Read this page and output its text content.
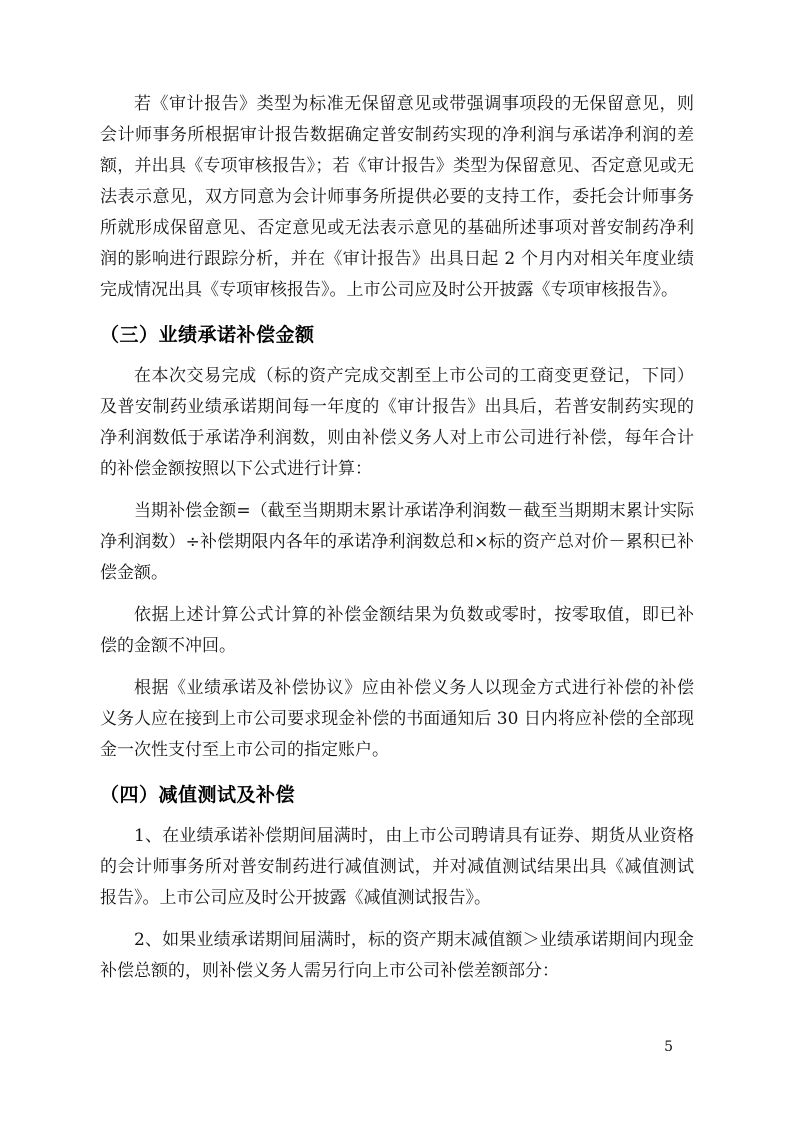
若《审计报告》类型为标准无保留意见或带强调事项段的无保留意见，则会计师事务所根据审计报告数据确定普安制药实现的净利润与承诺净利润的差额，并出具《专项审核报告》；若《审计报告》类型为保留意见、否定意见或无法表示意见，双方同意为会计师事务所提供必要的支持工作，委托会计师事务所就形成保留意见、否定意见或无法表示意见的基础所述事项对普安制药净利润的影响进行跟踪分析，并在《审计报告》出具日起 2 个月内对相关年度业绩完成情况出具《专项审核报告》。上市公司应及时公开披露《专项审核报告》。

（三）业绩承诺补偿金额

在本次交易完成（标的资产完成交割至上市公司的工商变更登记，下同）及普安制药业绩承诺期间每一年度的《审计报告》出具后，若普安制药实现的净利润数低于承诺净利润数，则由补偿义务人对上市公司进行补偿，每年合计的补偿金额按照以下公式进行计算：

当期补偿金额=（截至当期期末累计承诺净利润数－截至当期期末累计实际净利润数）÷补偿期限内各年的承诺净利润数总和×标的资产总对价－累积已补偿金额。

依据上述计算公式计算的补偿金额结果为负数或零时，按零取值，即已补偿的金额不冲回。

根据《业绩承诺及补偿协议》应由补偿义务人以现金方式进行补偿的补偿义务人应在接到上市公司要求现金补偿的书面通知后 30 日内将应补偿的全部现金一次性支付至上市公司的指定账户。

（四）减值测试及补偿

1、在业绩承诺补偿期间届满时，由上市公司聘请具有证券、期货从业资格的会计师事务所对普安制药进行减值测试，并对减值测试结果出具《减值测试报告》。上市公司应及时公开披露《减值测试报告》。

2、如果业绩承诺期间届满时，标的资产期末减值额＞业绩承诺期间内现金补偿总额的，则补偿义务人需另行向上市公司补偿差额部分：

5
